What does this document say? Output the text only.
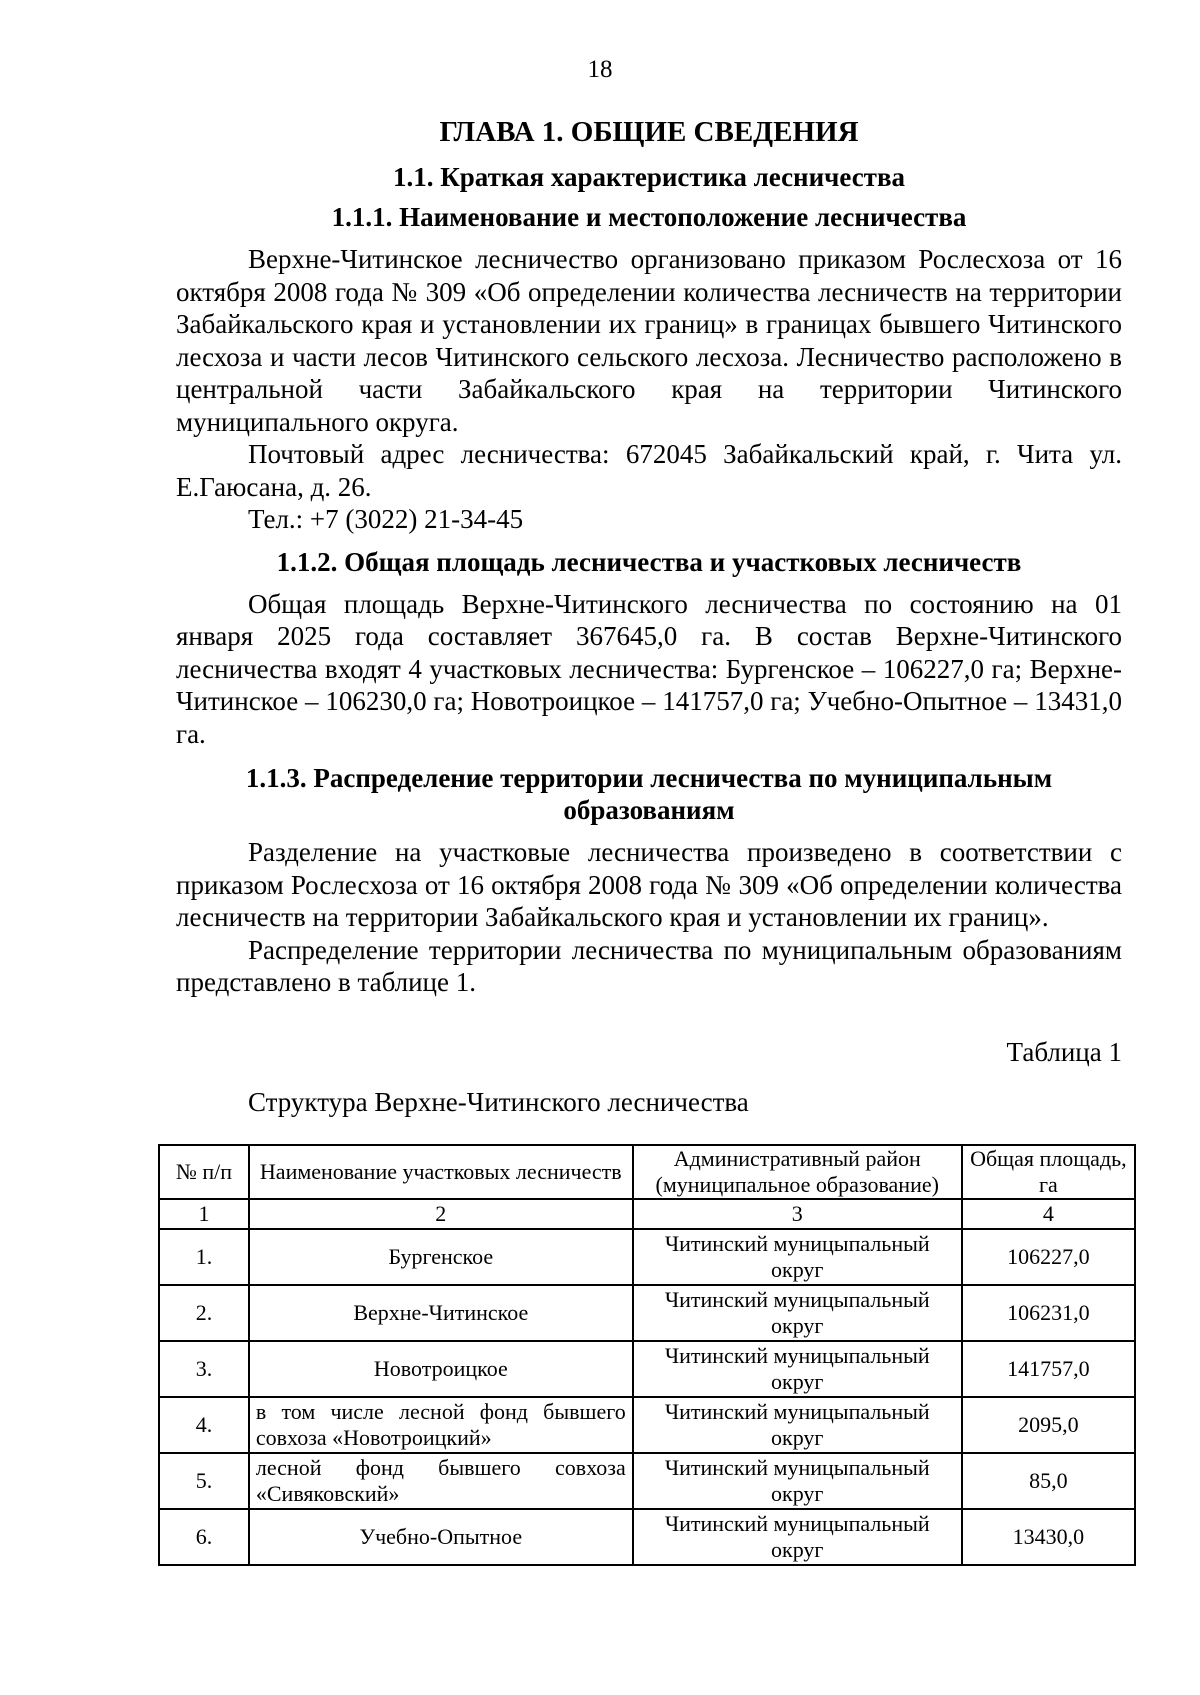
18
ГЛАВА 1. ОБЩИЕ СВЕДЕНИЯ
1.1. Краткая характеристика лесничества
1.1.1. Наименование и местоположение лесничества

Верхне-Читинское лесничество организовано приказом Рослесхоза от 16 октября 2008 года № 309 «Об определении количества лесничеств на территории Забайкальского края и установлении их границ» в границах бывшего Читинского лесхоза и части лесов Читинского сельского лесхоза. Лесничество расположено в центральной части Забайкальского края на территории Читинского муниципального округа.

Почтовый адрес лесничества: 672045 Забайкальский край, г. Чита ул. Е.Гаюсана, д. 26.

Тел.: +7 (3022) 21-34-45

1.1.2. Общая площадь лесничества и участковых лесничеств

Общая площадь Верхне-Читинского лесничества по состоянию на 01 января 2025 года составляет 367645,0 га. В состав Верхне-Читинского лесничества входят 4 участковых лесничества: Бургенское – 106227,0 га; Верхне-Читинское – 106230,0 га; Новотроицкое – 141757,0 га; Учебно-Опытное – 13431,0 га.

1.1.3. Распределение территории лесничества по муниципальным
образованиям

Разделение на участковые лесничества произведено в соответствии с приказом Рослесхоза от 16 октября 2008 года № 309 «Об определении количества лесничеств на территории Забайкальского края и установлении их границ».

Распределение территории лесничества по муниципальным образованиям представлено в таблице 1.

Таблица 1
Структура Верхне-Читинского лесничества
№ п/п	Наименование участковых лесничеств	Административный район (муниципальное образование)	Общая площадь, га
1	2	3	4
1.	Бургенское	Читинский муницыпальный округ	106227,0
2.	Верхне-Читинское	Читинский муницыпальный округ	106231,0
3.	Новотроицкое	Читинский муницыпальный округ	141757,0
4.	в том числе лесной фонд бывшего совхоза «Новотроицкий»	Читинский муницыпальный округ	2095,0
5.	лесной фонд бывшего совхоза «Сивяковский»	Читинский муницыпальный округ	85,0
6.	Учебно-Опытное	Читинский муницыпальный округ	13430,0
